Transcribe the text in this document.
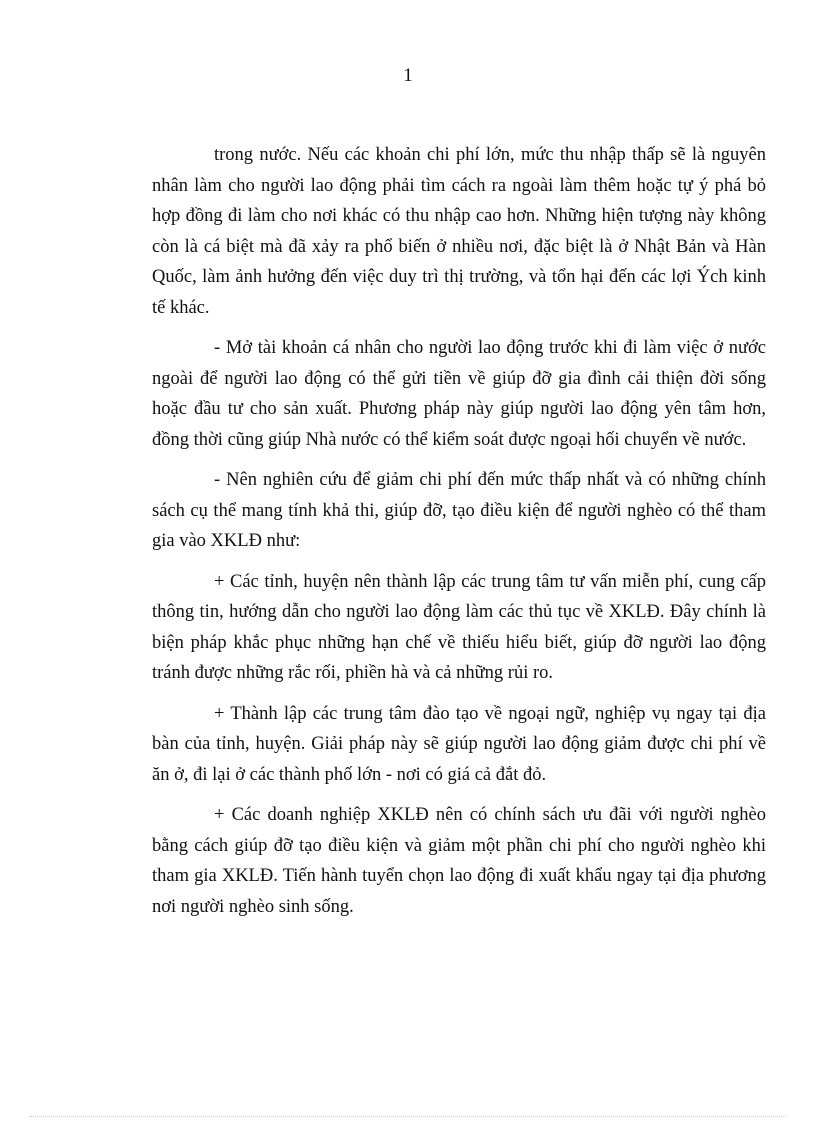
1

trong nước. Nếu các khoản chi phí lớn, mức thu nhập thấp sẽ là nguyên nhân làm cho người lao động phải tìm cách ra ngoài làm thêm hoặc tự ý phá bỏ hợp đồng đi làm cho nơi khác có thu nhập cao hơn. Những hiện tượng này không còn là cá biệt mà đã xảy ra phổ biến ở nhiều nơi, đặc biệt là ở Nhật Bản và Hàn Quốc, làm ảnh hưởng đến việc duy trì thị trường, và tổn hại đến các lợi Ých kinh tế khác.

- Mở tài khoản cá nhân cho người lao động trước khi đi làm việc ở nước ngoài để người lao động có thể gửi tiền về giúp đỡ gia đình cải thiện đời sống hoặc đầu tư cho sản xuất. Phương pháp này giúp người lao động yên tâm hơn, đồng thời cũng giúp Nhà nước có thể kiểm soát được ngoại hối chuyển về nước.

- Nên nghiên cứu để giảm chi phí đến mức thấp nhất và có những chính sách cụ thể mang tính khả thi, giúp đỡ, tạo điều kiện để người nghèo có thể tham gia vào XKLĐ như:

+ Các tỉnh, huyện nên thành lập các trung tâm tư vấn miễn phí, cung cấp thông tin, hướng dẫn cho người lao động làm các thủ tục về XKLĐ. Đây chính là biện pháp khắc phục những hạn chế về thiếu hiểu biết, giúp đỡ người lao động tránh được những rắc rối, phiền hà và cả những rủi ro.

+ Thành lập các trung tâm đào tạo về ngoại ngữ, nghiệp vụ ngay tại địa bàn của tỉnh, huyện. Giải pháp này sẽ giúp người lao động giảm được chi phí về ăn ở, đi lại ở các thành phố lớn - nơi có giá cả đắt đỏ.

+ Các doanh nghiệp XKLĐ nên có chính sách ưu đãi với người nghèo bằng cách giúp đỡ tạo điều kiện và giảm một phần chi phí cho người nghèo khi tham gia XKLĐ. Tiến hành tuyển chọn lao động đi xuất khẩu ngay tại địa phương nơi người nghèo sinh sống.
